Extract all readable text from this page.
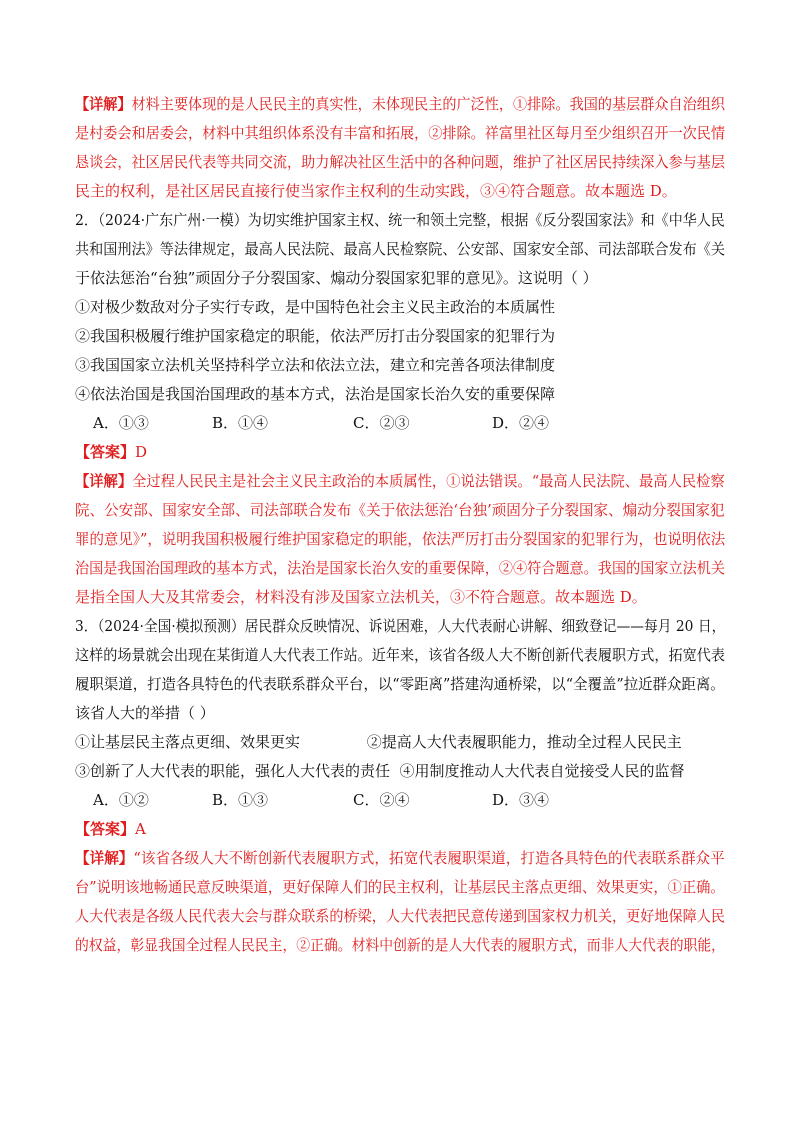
【详解】材料主要体现的是人民民主的真实性，未体现民主的广泛性，①排除。我国的基层群众自治组织
是村委会和居委会，材料中其组织体系没有丰富和拓展，②排除。祥富里社区每月至少组织召开一次民情
恳谈会，社区居民代表等共同交流，助力解决社区生活中的各种问题，维护了社区居民持续深入参与基层
民主的权利，是社区居民直接行使当家作主权利的生动实践，③④符合题意。故本题选 D。
2．（2024·广东广州·一模）为切实维护国家主权、统一和领土完整，根据《反分裂国家法》和《中华人民
共和国刑法》等法律规定，最高人民法院、最高人民检察院、公安部、国家安全部、司法部联合发布《关
于依法惩治“台独”顽固分子分裂国家、煽动分裂国家犯罪的意见》。这说明（ ）
①对极少数敌对分子实行专政，是中国特色社会主义民主政治的本质属性
②我国积极履行维护国家稳定的职能，依法严厉打击分裂国家的犯罪行为
③我国国家立法机关坚持科学立法和依法立法，建立和完善各项法律制度
④依法治国是我国治国理政的基本方式，法治是国家长治久安的重要保障
A．①③	B．①④	C．②③	D．②④
【答案】D
【详解】全过程人民民主是社会主义民主政治的本质属性，①说法错误。“最高人民法院、最高人民检察
院、公安部、国家安全部、司法部联合发布《关于依法惩治‘台独’顽固分子分裂国家、煽动分裂国家犯
罪的意见》”，说明我国积极履行维护国家稳定的职能，依法严厉打击分裂国家的犯罪行为，也说明依法
治国是我国治国理政的基本方式，法治是国家长治久安的重要保障，②④符合题意。我国的国家立法机关
是指全国人大及其常委会，材料没有涉及国家立法机关，③不符合题意。故本题选 D。
3．（2024·全国·模拟预测）居民群众反映情况、诉说困难，人大代表耐心讲解、细致登记——每月 20 日，
这样的场景就会出现在某街道人大代表工作站。近年来，该省各级人大不断创新代表履职方式，拓宽代表
履职渠道，打造各具特色的代表联系群众平台，以“零距离”搭建沟通桥梁，以“全覆盖”拉近群众距离。
该省人大的举措（ ）
①让基层民主落点更细、效果更实              ②提高人大代表履职能力，推动全过程人民民主
③创新了人大代表的职能，强化人大代表的责任  ④用制度推动人大代表自觉接受人民的监督
A．①②	B．①③	C．②④	D．③④
【答案】A
【详解】“该省各级人大不断创新代表履职方式，拓宽代表履职渠道，打造各具特色的代表联系群众平
台”说明该地畅通民意反映渠道，更好保障人们的民主权利，让基层民主落点更细、效果更实，①正确。
人大代表是各级人民代表大会与群众联系的桥梁，人大代表把民意传递到国家权力机关，更好地保障人民
的权益，彰显我国全过程人民民主，②正确。材料中创新的是人大代表的履职方式，而非人大代表的职能，
